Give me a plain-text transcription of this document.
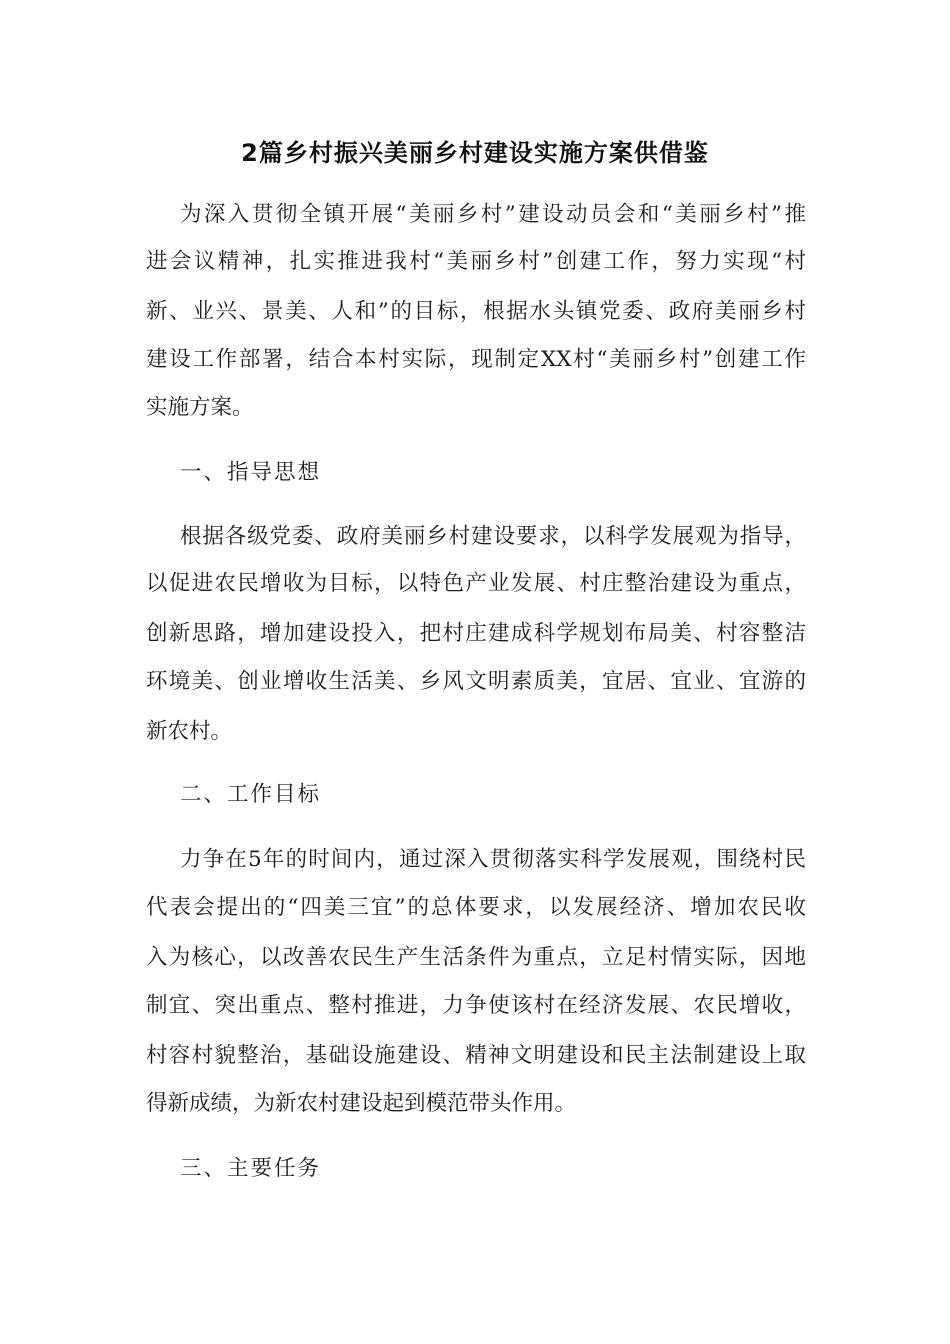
2篇乡村振兴美丽乡村建设实施方案供借鉴
为深入贯彻全镇开展“美丽乡村”建设动员会和“美丽乡村”推
进会议精神，扎实推进我村“美丽乡村”创建工作，努力实现“村
新、业兴、景美、人和”的目标，根据水头镇党委、政府美丽乡村
建设工作部署，结合本村实际，现制定XX村“美丽乡村”创建工作
实施方案。
一、指导思想
根据各级党委、政府美丽乡村建设要求，以科学发展观为指导，
以促进农民增收为目标，以特色产业发展、村庄整治建设为重点，
创新思路，增加建设投入，把村庄建成科学规划布局美、村容整洁
环境美、创业增收生活美、乡风文明素质美，宜居、宜业、宜游的
新农村。
二、工作目标
力争在5年的时间内，通过深入贯彻落实科学发展观，围绕村民
代表会提出的“四美三宜”的总体要求，以发展经济、增加农民收
入为核心，以改善农民生产生活条件为重点，立足村情实际，因地
制宜、突出重点、整村推进，力争使该村在经济发展、农民增收，
村容村貌整治，基础设施建设、精神文明建设和民主法制建设上取
得新成绩，为新农村建设起到模范带头作用。
三、主要任务
